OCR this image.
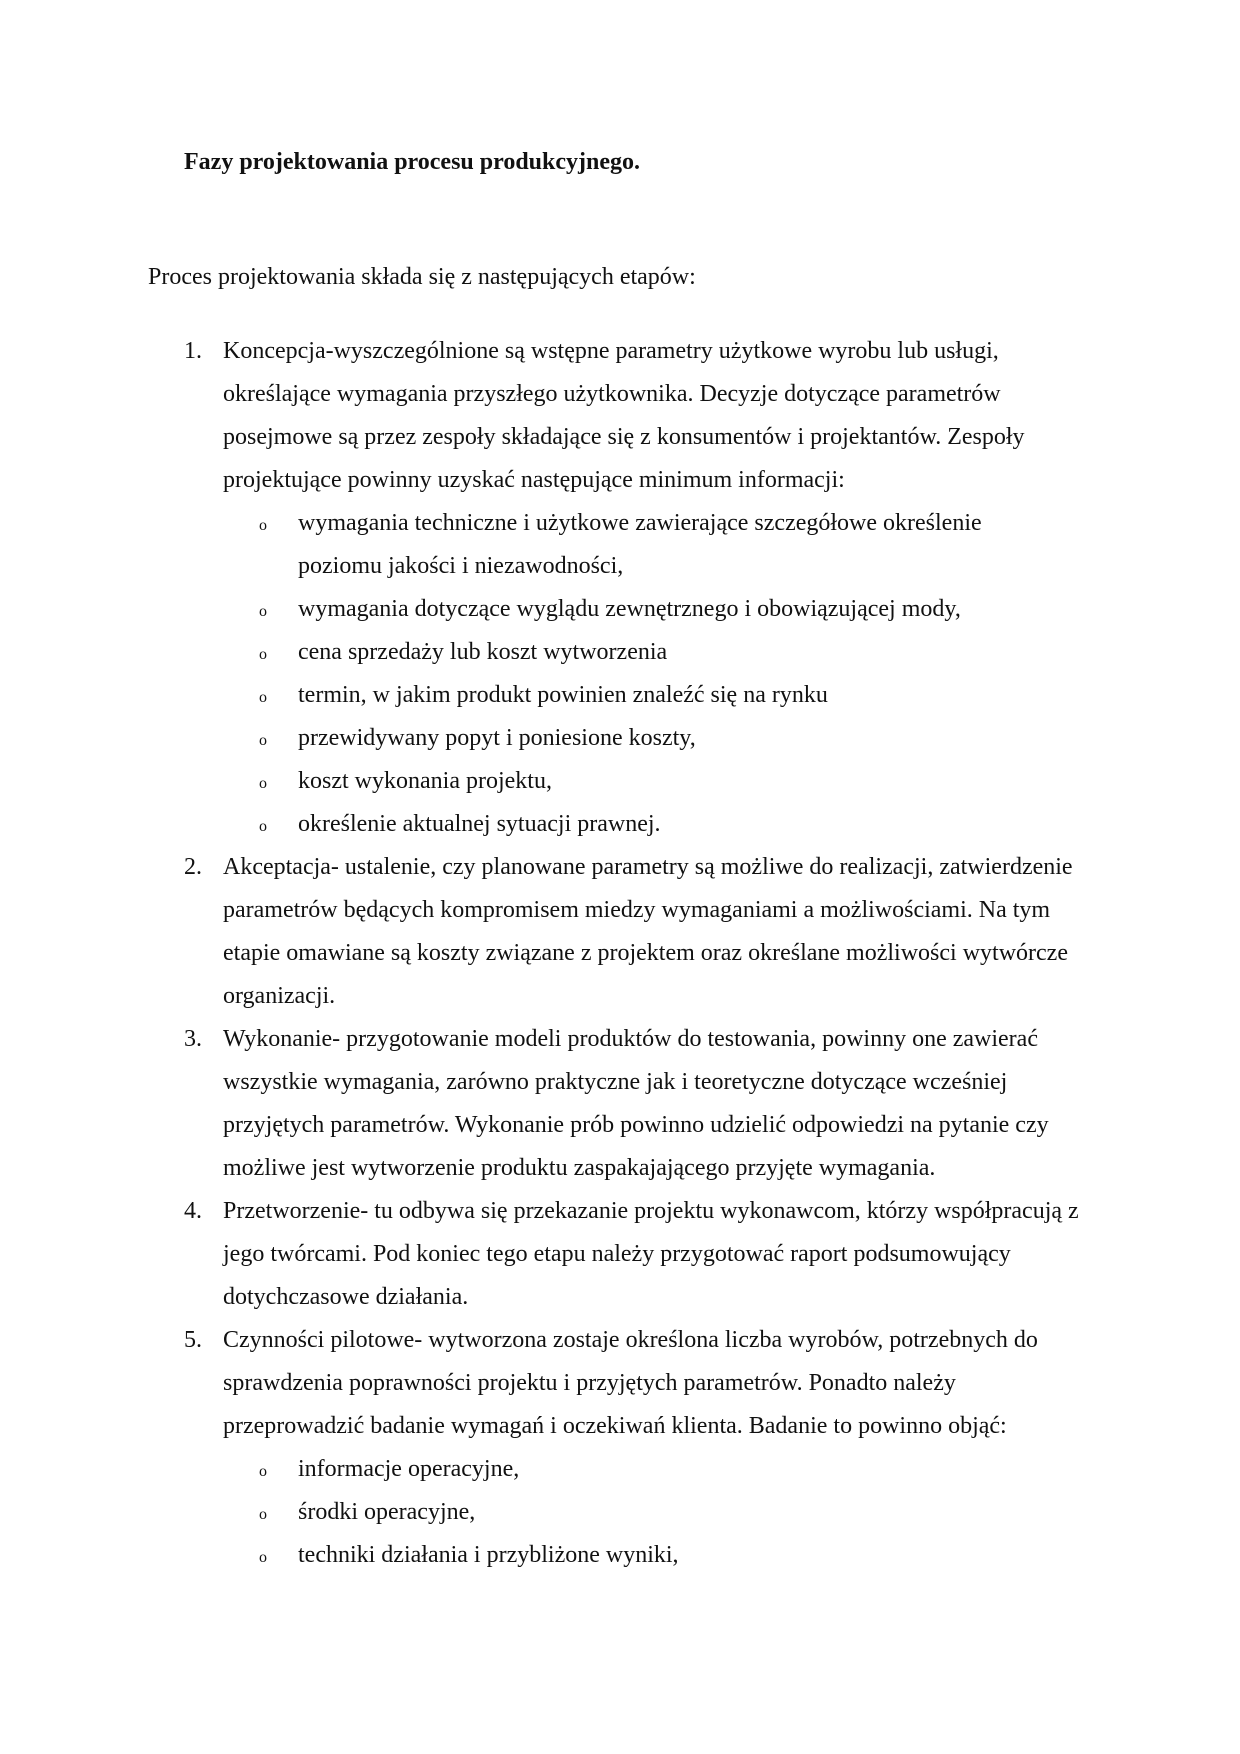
Fazy projektowania procesu produkcyjnego.
Proces projektowania składa się z następujących etapów:
1. Koncepcja-wyszczególnione są wstępne parametry użytkowe wyrobu lub usługi, określające wymagania przyszłego użytkownika. Decyzje dotyczące parametrów posejmowe są przez zespoły składające się z konsumentów i projektantów. Zespoły projektujące powinny uzyskać następujące minimum informacji:
o wymagania techniczne i użytkowe zawierające szczegółowe określenie poziomu jakości i niezawodności,
o wymagania dotyczące wyglądu zewnętrznego i obowiązującej mody,
o cena sprzedaży lub koszt wytworzenia
o termin, w jakim produkt powinien znaleźć się na rynku
o przewidywany popyt i poniesione koszty,
o koszt wykonania projektu,
o określenie aktualnej sytuacji prawnej.
2. Akceptacja- ustalenie, czy planowane parametry są możliwe do realizacji, zatwierdzenie parametrów będących kompromisem miedzy wymaganiami a możliwościami. Na tym etapie omawiane są koszty związane z projektem oraz określane możliwości wytwórcze organizacji.
3. Wykonanie- przygotowanie modeli produktów do testowania, powinny one zawierać wszystkie wymagania, zarówno praktyczne jak i teoretyczne dotyczące wcześniej przyjętych parametrów. Wykonanie prób powinno udzielić odpowiedzi na pytanie czy możliwe jest wytworzenie produktu zaspakajającego przyjęte wymagania.
4. Przetworzenie- tu odbywa się przekazanie projektu wykonawcom, którzy współpracują z jego twórcami. Pod koniec tego etapu należy przygotować raport podsumowujący dotychczasowe działania.
5. Czynności pilotowe- wytworzona zostaje określona liczba wyrobów, potrzebnych do sprawdzenia poprawności projektu i przyjętych parametrów. Ponadto należy przeprowadzić badanie wymagań i oczekiwań klienta. Badanie to powinno objąć:
o informacje operacyjne,
o środki operacyjne,
o techniki działania i przybliżone wyniki,
